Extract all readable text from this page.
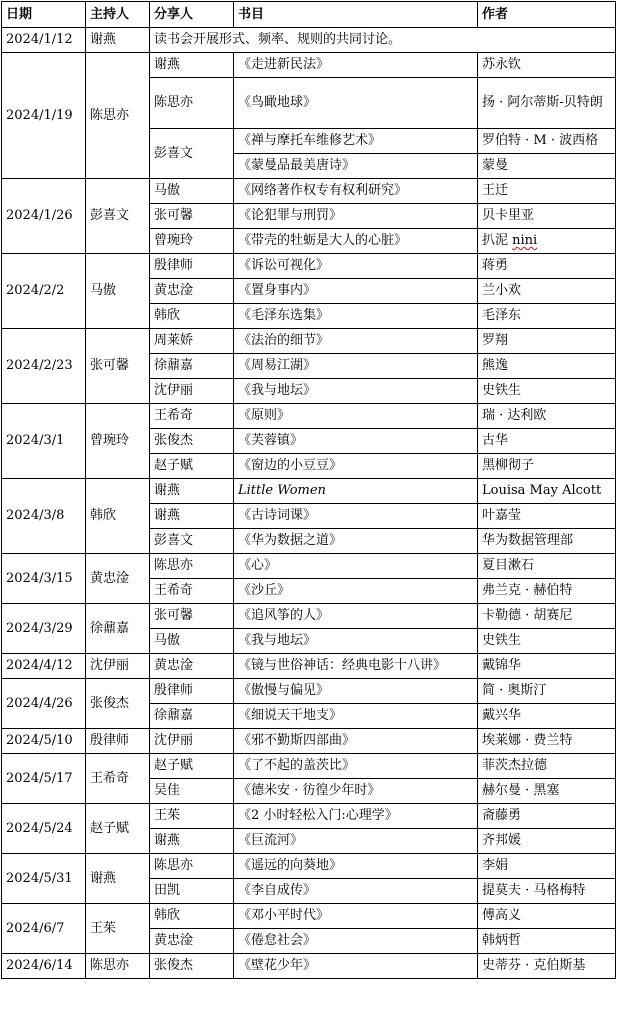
日期	主持人	分享人	书目	作者
2024/1/12	谢燕	读书会开展形式、频率、规则的共同讨论。		
2024/1/19	陈思亦	谢燕	《走进新民法》	苏永钦
		陈思亦	《鸟瞰地球》	扬 · 阿尔蒂斯-贝特朗
		彭喜文	《禅与摩托车维修艺术》	罗伯特 · M · 波西格
			《蒙曼品最美唐诗》	蒙曼
2024/1/26	彭喜文	马傲	《网络著作权专有权利研究》	王迁
		张可馨	《论犯罪与刑罚》	贝卡里亚
		曾琬玲	《带壳的牡蛎是大人的心脏》	扒泥 nini
2024/2/2	马傲	殷律师	《诉讼可视化》	蒋勇
		黄忠淦	《置身事内》	兰小欢
		韩欣	《毛泽东选集》	毛泽东
2024/2/23	张可馨	周莱娇	《法治的细节》	罗翔
		徐鼐嘉	《周易江湖》	熊逸
		沈伊丽	《我与地坛》	史铁生
2024/3/1	曾琬玲	王希奇	《原则》	瑞 · 达利欧
		张俊杰	《芙蓉镇》	古华
		赵子赋	《窗边的小豆豆》	黑柳彻子
2024/3/8	韩欣	谢燕	Little Women	Louisa May Alcott
		谢燕	《古诗词课》	叶嘉莹
		彭喜文	《华为数据之道》	华为数据管理部
2024/3/15	黄忠淦	陈思亦	《心》	夏目漱石
		王希奇	《沙丘》	弗兰克 · 赫伯特
2024/3/29	徐鼐嘉	张可馨	《追风筝的人》	卡勒德 · 胡赛尼
		马傲	《我与地坛》	史铁生
2024/4/12	沈伊丽	黄忠淦	《镜与世俗神话：经典电影十八讲》	戴锦华
2024/4/26	张俊杰	殷律师	《傲慢与偏见》	简 · 奥斯汀
		徐鼐嘉	《细说天干地支》	戴兴华
2024/5/10	殷律师	沈伊丽	《邪不勤斯四部曲》	埃莱娜 · 费兰特
2024/5/17	王希奇	赵子赋	《了不起的盖茨比》	菲茨杰拉德
		吴佳	《德米安 · 彷徨少年时》	赫尔曼 · 黑塞
2024/5/24	赵子赋	王茱	《2 小时轻松入门:心理学》	斋藤勇
		谢燕	《巨流河》	齐邦媛
2024/5/31	谢燕	陈思亦	《遥远的向葵地》	李娟
		田凯	《李自成传》	提莫夫 · 马格梅特
2024/6/7	王茱	韩欣	《邓小平时代》	傅高义
		黄忠淦	《倦怠社会》	韩炳哲
2024/6/14	陈思亦	张俊杰	《壁花少年》	史蒂芬 · 克伯斯基
